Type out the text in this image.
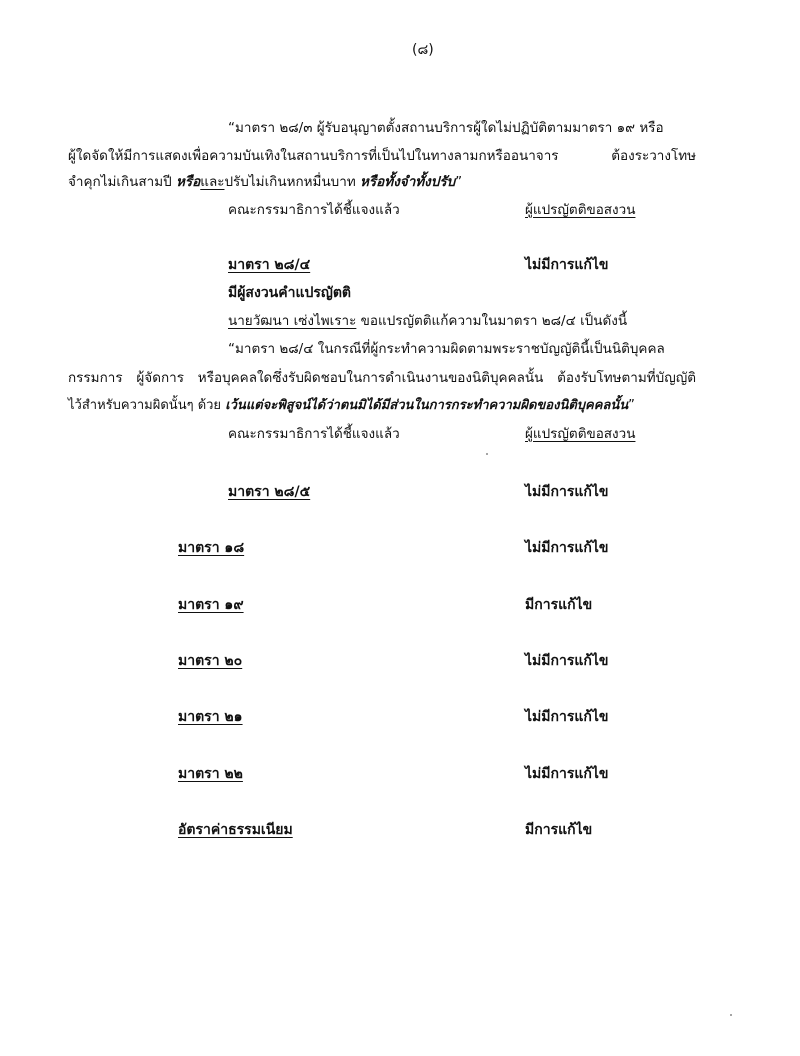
(๘)
“มาตรา ๒๘/๓ ผู้รับอนุญาตตั้งสถานบริการผู้ใดไม่ปฏิบัติตามมาตรา ๑๙ หรือ
ผู้ใดจัดให้มีการแสดงเพื่อความบันเทิงในสถานบริการที่เป็นไปในทางลามกหรืออนาจาร ต้องระวางโทษ
จำคุกไม่เกินสามปี หรือและปรับไม่เกินหกหมื่นบาท หรือทั้งจำทั้งปรับ”
คณะกรรมาธิการได้ชี้แจงแล้ว	ผู้แปรญัตติขอสงวน
มาตรา ๒๘/๔	ไม่มีการแก้ไข
มีผู้สงวนคำแปรญัตติ
นายวัฒนา เซ่งไพเราะ ขอแปรญัตติแก้ความในมาตรา ๒๘/๔ เป็นดังนี้
“มาตรา ๒๘/๔ ในกรณีที่ผู้กระทำความผิดตามพระราชบัญญัตินี้เป็นนิติบุคคล
กรรมการ ผู้จัดการ หรือบุคคลใดซึ่งรับผิดชอบในการดำเนินงานของนิติบุคคลนั้น ต้องรับโทษตามที่บัญญัติ
ไว้สำหรับความผิดนั้นๆ ด้วย เว้นแต่จะพิสูจน์ได้ว่าตนมิได้มีส่วนในการกระทำความผิดของนิติบุคคลนั้น”
คณะกรรมาธิการได้ชี้แจงแล้ว	ผู้แปรญัตติขอสงวน
มาตรา ๒๘/๕	ไม่มีการแก้ไข
มาตรา ๑๘	ไม่มีการแก้ไข
มาตรา ๑๙	มีการแก้ไข
มาตรา ๒๐	ไม่มีการแก้ไข
มาตรา ๒๑	ไม่มีการแก้ไข
มาตรา ๒๒	ไม่มีการแก้ไข
อัตราค่าธรรมเนียม	มีการแก้ไข
